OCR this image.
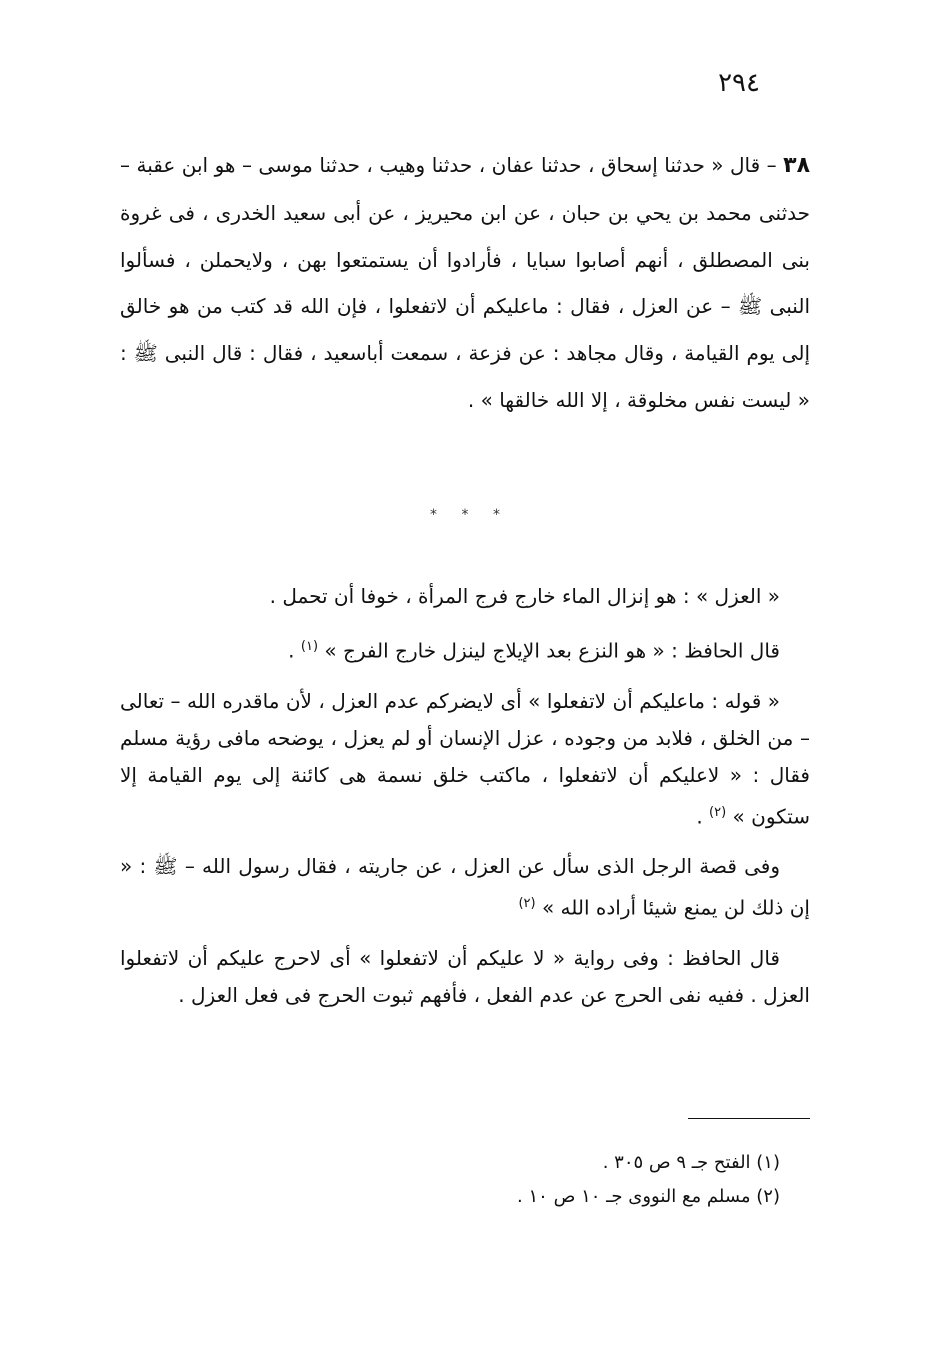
٢٩٤
٣٨ – قال « حدثنا إسحاق ، حدثنا عفان ، حدثنا وهيب ، حدثنا موسى – هو ابن عقبة – حدثنى محمد بن يحي بن حبان ، عن ابن محيريز ، عن أبى سعيد الخدرى ، فى غروة بنى المصطلق ، أنهم أصابوا سبايا ، فأرادوا أن يستمتعوا بهن ، ولايحملن ، فسألوا النبى ﷺ – عن العزل ، فقال : ماعليكم أن لاتفعلوا ، فإن الله قد كتب من هو خالق إلى يوم القيامة ، وقال مجاهد : عن فزعة ، سمعت أباسعيد ، فقال : قال النبى ﷺ : « ليست نفس مخلوقة ، إلا الله خالقها » .
* * *

« العزل » : هو إنزال الماء خارج فرج المرأة ، خوفا أن تحمل .

قال الحافظ : « هو النزع بعد الإيلاج لينزل خارج الفرج » $^{(١)}$ .

« قوله : ماعليكم أن لاتفعلوا » أى لايضركم عدم العزل ، لأن ماقدره الله – تعالى – من الخلق ، فلابد من وجوده ، عزل الإنسان أو لم يعزل ، يوضحه مافى رؤية مسلم فقال : « لاعليكم أن لاتفعلوا ، ماكتب خلق نسمة هى كائنة إلى يوم القيامة إلا ستكون » $^{(٢)}$ .

وفى قصة الرجل الذى سأل عن العزل ، عن جاريته ، فقال رسول الله – ﷺ : « إن ذلك لن يمنع شيئا أراده الله » $^{(٢)}$

قال الحافظ : وفى رواية « لا عليكم أن لاتفعلوا » أى لاحرج عليكم أن لاتفعلوا العزل . ففيه نفى الحرج عن عدم الفعل ، فأفهم ثبوت الحرج فى فعل العزل .

(١) الفتح جـ ٩ ص ٣٠٥ .
(٢) مسلم مع النووى جـ ١٠ ص ١٠ .
